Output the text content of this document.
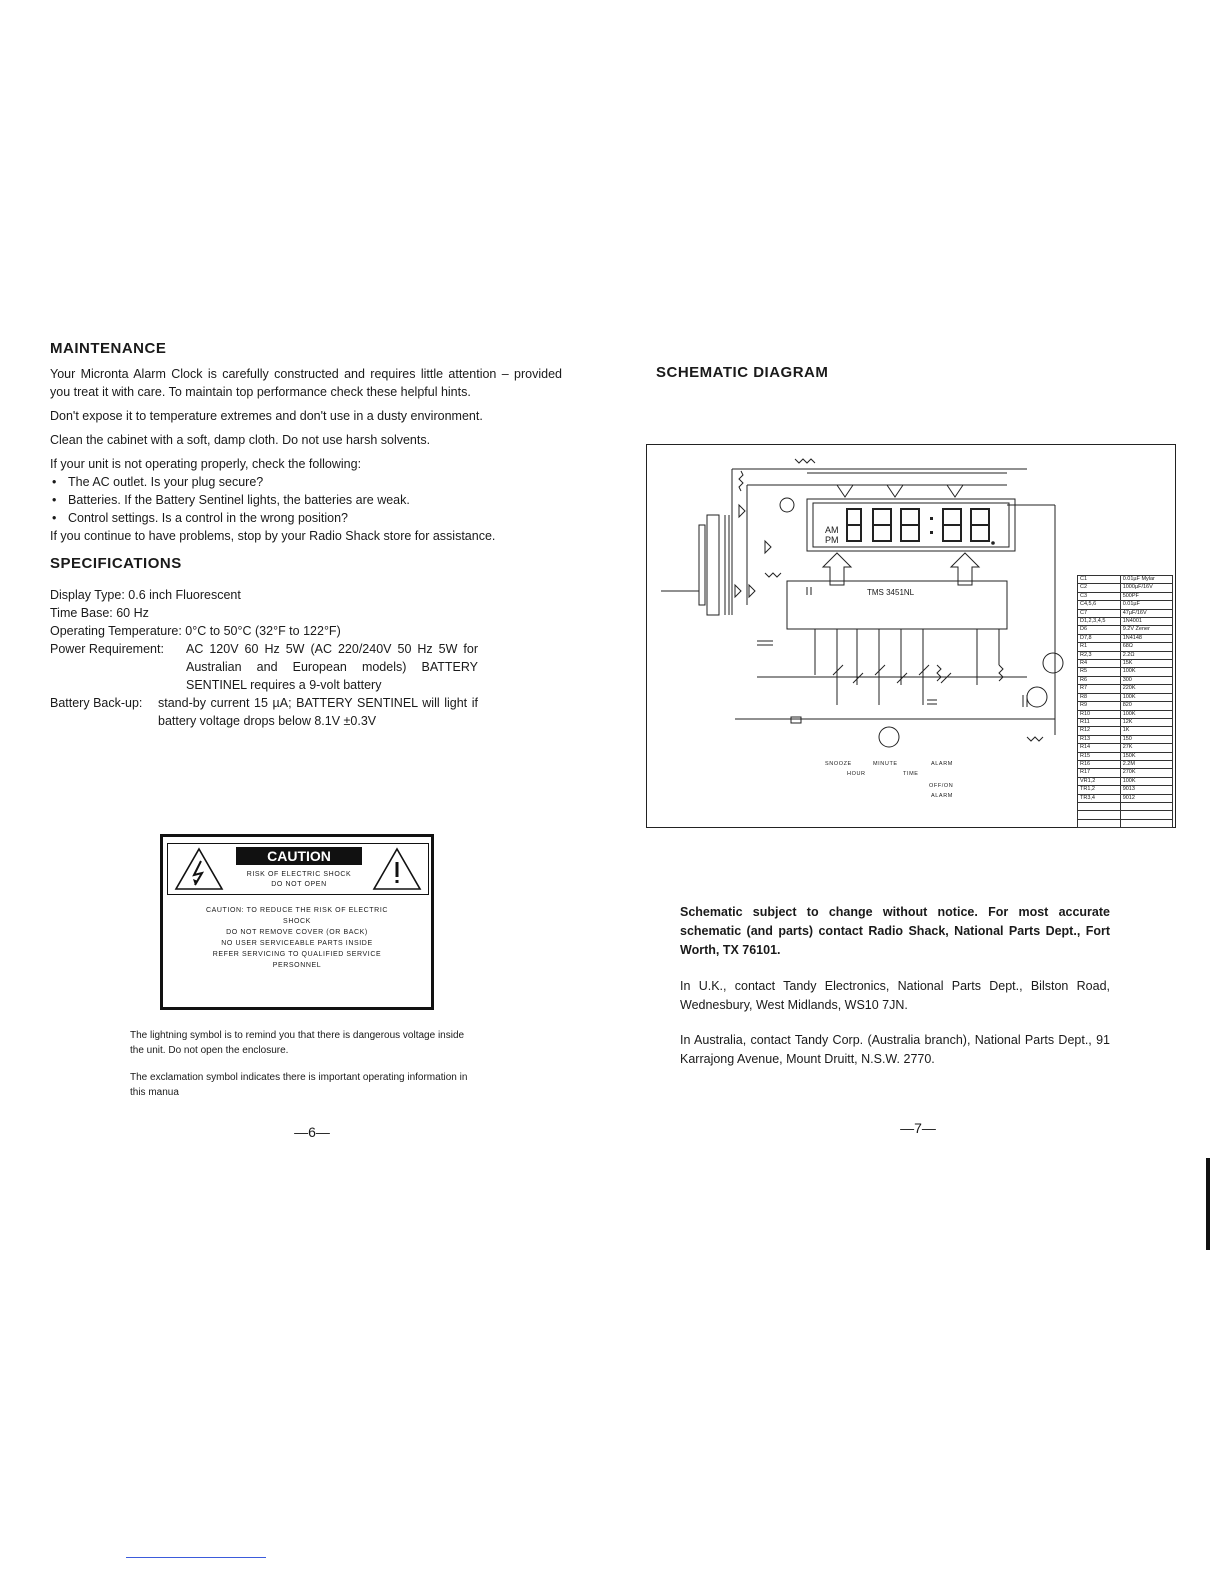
MAINTENANCE

Your Micronta Alarm Clock is carefully constructed and requires little attention – provided you treat it with care. To maintain top performance check these helpful hints.

Don't expose it to temperature extremes and don't use in a dusty environment.

Clean the cabinet with a soft, damp cloth. Do not use harsh solvents.

If your unit is not operating properly, check the following:

• The AC outlet. Is your plug secure?
• Batteries. If the Battery Sentinel lights, the batteries are weak.
• Control settings. Is a control in the wrong position?

If you continue to have problems, stop by your Radio Shack store for assistance.

SPECIFICATIONS

Display Type: 0.6 inch Fluorescent

Time Base: 60 Hz

Operating Temperature: 0°C to 50°C (32°F to 122°F)

Power Requirement:	AC 120V 60 Hz 5W (AC 220/240V 50 Hz 5W for Australian and European models) BATTERY SENTINEL requires a 9-volt battery
Battery Back-up:	stand-by current 15 µA; BATTERY SENTINEL will light if battery voltage drops below 8.1V ±0.3V
CAUTION
RISK OF ELECTRIC SHOCK
DO NOT OPEN
CAUTION: TO REDUCE THE RISK OF ELECTRIC
SHOCK
DO NOT REMOVE COVER (OR BACK)
NO USER SERVICEABLE PARTS INSIDE
REFER SERVICING TO QUALIFIED SERVICE
PERSONNEL

The lightning symbol is to remind you that there is dangerous voltage inside the unit. Do not open the enclosure.

The exclamation symbol indicates there is important operating information in this manua

—6—
SCHEMATIC DIAGRAM
AM
PM
TMS 3451NL
SNOOZE	MINUTE	ALARM
HOUR	TIME
OFF/ON
ALARM
C1	0.01µF Mylar
C2	1000µF/16V
C3	500PF
C4,5,6	0.01µF
C7	47µF/16V
D1,2,3,4,5	1N4001
D6	9.2V Zener
D7,8	1N4148
R1	68Ω
R2,3	2.2Ω
R4	15K
R5	100K
R6	300
R7	220K
R8	100K
R9	820
R10	100K
R11	12K
R12	1K
R13	150
R14	27K
R15	150K
R16	2.2M
R17	270K
VR1,2	100K
TR1,2	9013
TR3,4	9012

Schematic subject to change without notice. For most accurate schematic (and parts) contact Radio Shack, National Parts Dept., Fort Worth, TX 76101.

In U.K., contact Tandy Electronics, National Parts Dept., Bilston Road, Wednesbury, West Midlands, WS10 7JN.

In Australia, contact Tandy Corp. (Australia branch), National Parts Dept., 91 Karrajong Avenue, Mount Druitt, N.S.W. 2770.

—7—
